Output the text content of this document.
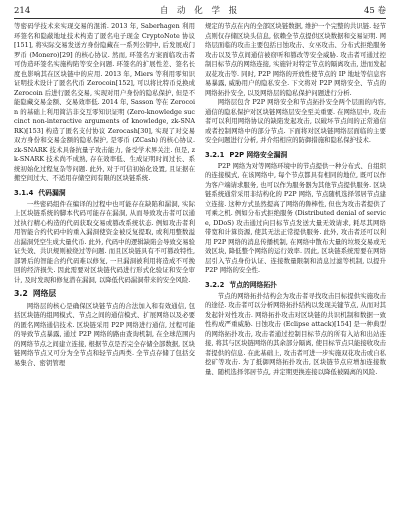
214	自 动 化 学 报	45 卷

等密码学技术来实现交易的混淆. 2013 年, Saberhagen 利用环签名和隐蔽地址技术构造了匿名电子现金 CryptoNote 协议[151], 将实际交易发送方身份隐藏在一系列公钥中, 后发展成门罗币 (Monero)[29] 的核心协议. 然而, 环签名方案面临攻击者可伪造环签名实施构陷等安全问题. 环签名的扩展性差、签名长度也影响其在区块链中的应用. 2013 年, Miers 等利用零知识证明技术设计了匿名代币 Zerocoin[152], 可以将比特币兑换成 Zerocoin 后进行匿名交易, 实现对用户身份的隐私保护, 但是不能隐藏交易金额、交易效率低. 2014 年, Sasson 等在 Zerocoin 的基础上利用简洁非交互零知识证明 (Zero-knowledge succinct non-interactive arguments of knowledge, zk-SNARK)[153] 构造了匿名支付协议 Zerocash[30], 实现了对交易双方身份和交易金额的隐私保护, 是零币 (ZCash) 的核心协议. zk-SNARK 技术具备抗量子攻击能力, 备受学术界关注. 但是, zk-SNARK 技术尚不成熟, 存在效率低、生成证明时间过长、系统初始化过程复杂等问题. 此外, 对于可信初始化设置, 且证据在搬空间过大、不适用存储空间有限的区块链系统.

3.1.4 代码漏洞

一些密码组件在编译的过程中也可能存在缺陷和漏洞, 实际上区块链系统的脚本代码可能存在漏洞, 从而导致攻击者可以通过执行精心构造的代码获取交易或篡改系统状态. 例如攻击者利用智能合约代码中的重入漏洞使资金被反复提取, 或利用整数溢出漏洞凭空生成大量代币. 此外, 代码中的逻辑缺陷会导致交易验证失效、共识规则被绕过等问题. 而且区块链具有不可篡改特性, 部署后的智能合约代码难以修复, 一旦漏洞被利用将造成不可挽回的经济损失. 因此需要对区块链代码进行形式化验证和安全审计, 及时发现和修复潜在漏洞, 以降低代码漏洞带来的安全风险.

3.2 网络层

网络层的核心是确保区块链节点的合法加入和有效通信, 包括区块链的组网模式、节点之间的通信模式、扩展网络以及必要的匿名网络通信技术. 区块链采用 P2P 网络进行通信, 过程可能的导致节点暴露, 通过 P2P 网络的路由查询机制, 在全球范围内的网络节点之间建立连接, 根据节点是否完全存储全部数据, 区块链网络节点又可分为全节点和轻节点两类. 全节点存储了包括交易集合、密钥管理

规定的节点在内的全部区块链数据, 维护一个完整的共识链. 轻节点则仅存储区块头信息, 依赖全节点提供区块数据和交易证明. 网络层面临的攻击主要包括日蚀攻击、女巫攻击、分布式拒绝服务攻击以及节点间通信被窃听和篡改等安全威胁. 攻击者可通过控制目标节点的网络连接, 实施针对特定节点的隔离攻击, 进而发起双花攻击等. 同时, P2P 网络的开放性使节点的 IP 地址等信息容易暴露, 威胁用户的隐私安全. 下文将对 P2P 网络安全、节点的网络拓扑安全, 以及网络层的隐私保护问题进行分析.

网络层包含 P2P 网络安全和节点拓扑安全两个层面的内容, 通信的隐私保护对区块链网络层安全至关重要. 在网络层中, 攻击者可以利用网络协议的缺陷发起攻击, 以破坏节点间的正常通信或者控制网络中的部分节点. 下面将对区块链网络层面临的主要安全问题进行分析, 并介绍相应的防御措施和隐私保护技术.

3.2.1 P2P 网络安全漏洞

P2P 网络为对等网络环境中的节点提供一种分布式、自组织的连接模式, 在该网络中, 每个节点都具有相同的地位, 既可以作为客户端请求服务, 也可以作为服务器为其他节点提供服务. 区块链系统通常采用非结构化的 P2P 网络, 节点随机选择邻居节点建立连接. 这种方式虽然提高了网络的鲁棒性, 但也为攻击者提供了可乘之机. 例如分布式拒绝服务 (Distributed denial of service, DDoS) 攻击通过向目标节点发送大量无效请求, 耗尽其网络带宽和计算资源, 使其无法正常提供服务. 此外, 攻击者还可以利用 P2P 网络的消息传播机制, 在网络中散布大量的垃圾交易或无效区块, 降低整个网络的运行效率. 因此, 区块链系统需要在网络层引入节点身份认证、连接数量限制和消息过滤等机制, 以提升 P2P 网络的安全性.

3.2.2 节点的网络拓扑

节点的网络拓扑结构会为攻击者寻找攻击目标提供实施攻击的途径. 攻击者可以分析网络拓扑结构以发现关键节点, 从而对其发起针对性攻击. 网络拓扑攻击对区块链的共识机制和数据一致性构成严重威胁. 日蚀攻击 (Eclipse attack)[154] 是一种典型的网络拓扑攻击, 攻击者通过控制目标节点的所有入站和出站连接, 将其与区块链网络的其余部分隔离, 使目标节点只能接收攻击者提供的信息. 在此基础上, 攻击者可进一步实施双花攻击或自私挖矿等攻击. 为了抵御网络拓扑攻击, 区块链节点应增加连接数量、随机选择邻居节点, 并定期更换连接以降低被隔离的风险.
